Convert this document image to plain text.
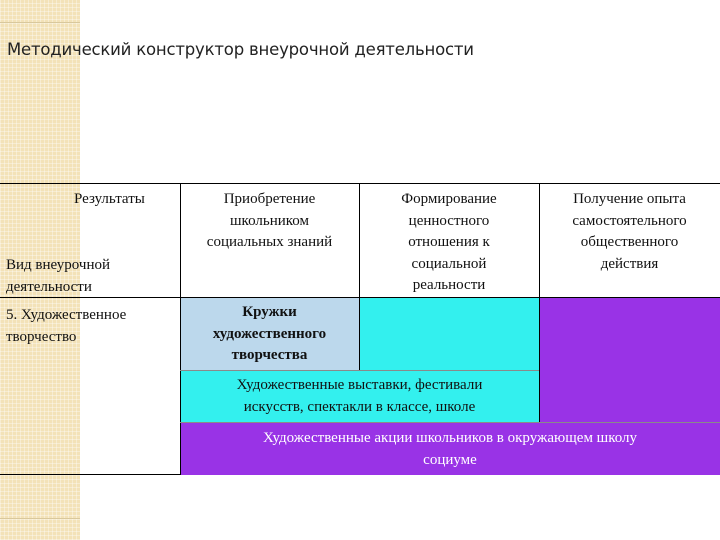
Методический конструктор внеурочной деятельности
Результаты
Вид внеурочной
деятельности
Приобретение
школьником
социальных знаний
Формирование
ценностного
отношения к
социальной
реальности
Получение опыта
самостоятельного
общественного
действия
5. Художественное
творчество
Кружки
художественного
творчества
Художественные выставки, фестивали
искусств, спектакли в классе, школе
Художественные акции школьников в окружающем школу
социуме
